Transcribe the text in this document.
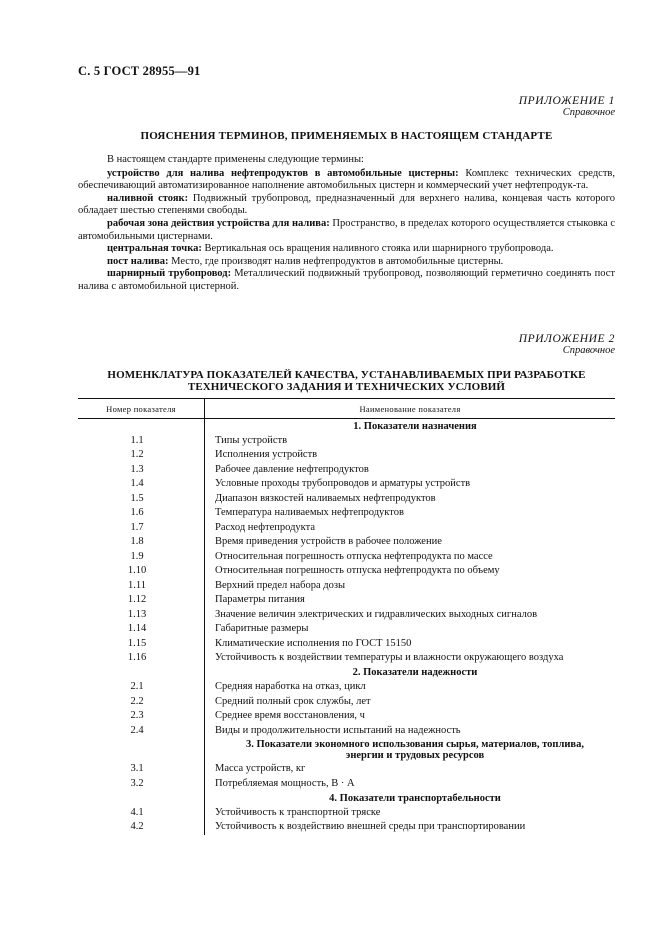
С. 5 ГОСТ 28955—91
ПРИЛОЖЕНИЕ 1
Справочное
ПОЯСНЕНИЯ ТЕРМИНОВ, ПРИМЕНЯЕМЫХ В НАСТОЯЩЕМ СТАНДАРТЕ

В настоящем стандарте применены следующие термины:

устройство для налива нефтепродуктов в автомобильные цистерны: Комплекс технических средств, обеспечивающий автоматизированное наполнение автомобильных цистерн и коммерческий учет нефтепродук-та.

наливной стояк: Подвижный трубопровод, предназначенный для верхнего налива, концевая часть которого обладает шестью степенями свободы.

рабочая зона действия устройства для налива: Пространство, в пределах которого осуществляется стыковка с автомобильными цистернами.

центральная точка: Вертикальная ось вращения наливного стояка или шарнирного трубопровода.

пост налива: Место, где производят налив нефтепродуктов в автомобильные цистерны.

шарнирный трубопровод: Металлический подвижный трубопровод, позволяющий герметично соединять пост налива с автомобильной цистерной.

ПРИЛОЖЕНИЕ 2
Справочное
НОМЕНКЛАТУРА ПОКАЗАТЕЛЕЙ КАЧЕСТВА, УСТАНАВЛИВАЕМЫХ ПРИ РАЗРАБОТКЕ
ТЕХНИЧЕСКОГО ЗАДАНИЯ И ТЕХНИЧЕСКИХ УСЛОВИЙ
Номер показателя	Наименование показателя

	1. Показатели назначения

1.1	Типы устройств
1.2	Исполнения устройств
1.3	Рабочее давление нефтепродуктов
1.4	Условные проходы трубопроводов и арматуры устройств
1.5	Диапазон вязкостей наливаемых нефтепродуктов
1.6	Температура наливаемых нефтепродуктов
1.7	Расход нефтепродукта
1.8	Время приведения устройств в рабочее положение
1.9	Относительная погрешность отпуска нефтепродукта по массе
1.10	Относительная погрешность отпуска нефтепродукта по объему
1.11	Верхний предел набора дозы
1.12	Параметры питания
1.13	Значение величин электрических и гидравлических выходных сигналов
1.14	Габаритные размеры
1.15	Климатические исполнения по ГОСТ 15150
1.16	Устойчивость к воздействии температуры и влажности окружающего воздуха

	2. Показатели надежности

2.1	Средняя наработка на отказ, цикл
2.2	Средний полный срок службы, лет
2.3	Среднее время восстановления, ч
2.4	Виды и продолжительности испытаний на надежность

	3. Показатели экономного использования сырья, материалов, топлива,
энергии и трудовых ресурсов

3.1	Масса устройств, кг
3.2	Потребляемая мощность, В · А

	4. Показатели транспортабельности

4.1	Устойчивость к транспортной тряске
4.2	Устойчивость к воздействию внешней среды при транспортировании
